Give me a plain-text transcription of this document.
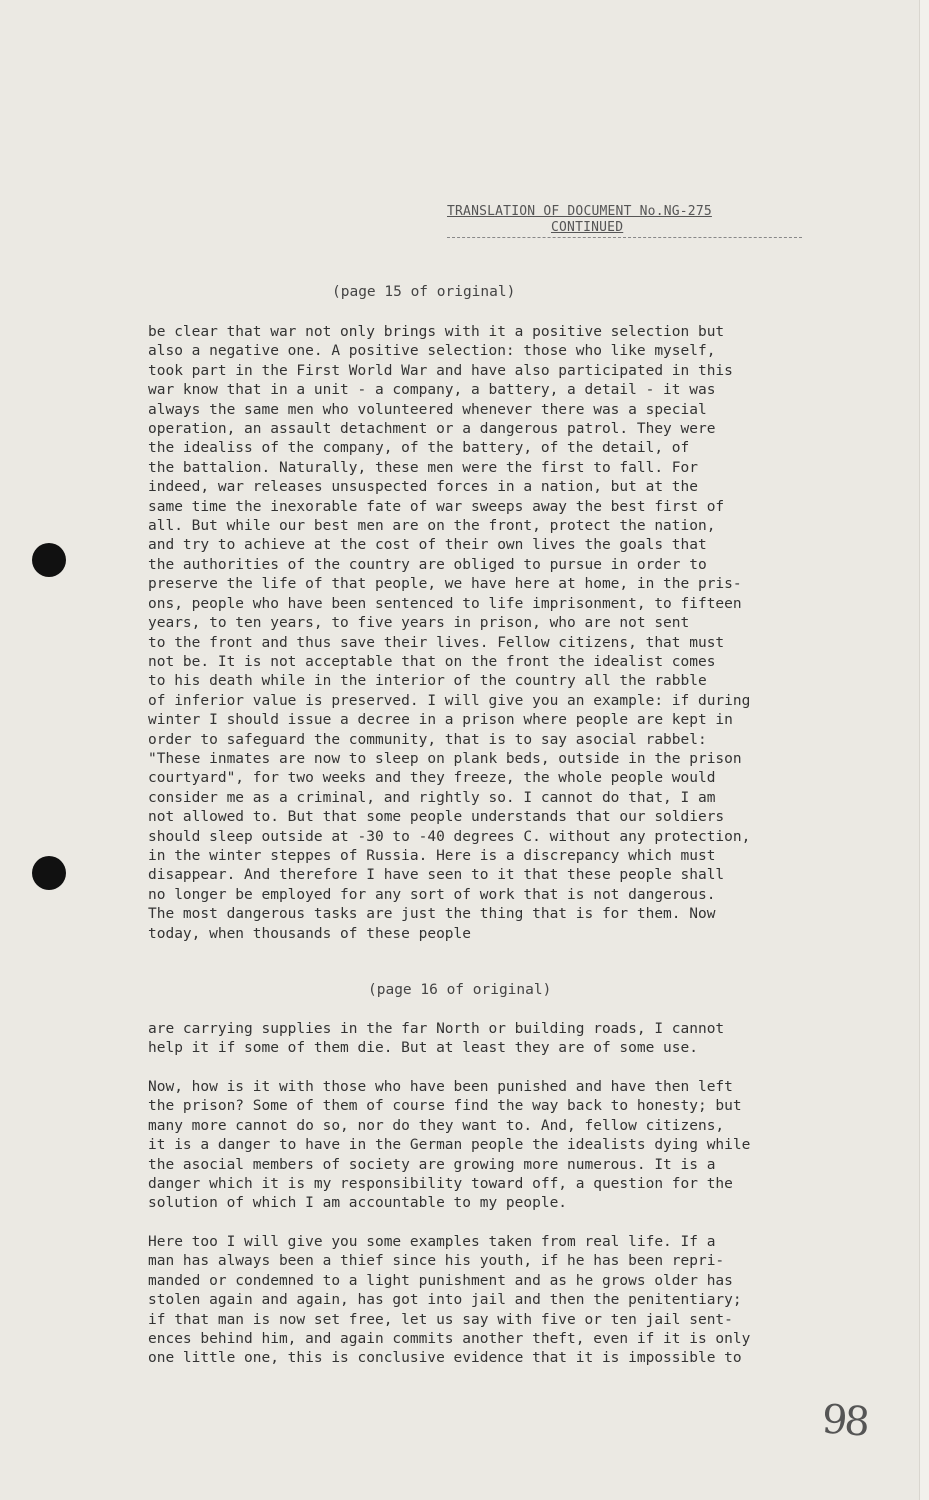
TRANSLATION OF DOCUMENT No.NG-275
CONTINUED
(page 15 of original)
be clear that war not only brings with it a positive selection but
also a negative one. A positive selection: those who like myself,
took part in the First World War and have also participated in this
war know that in a unit - a company, a battery, a detail - it was
always the same men who volunteered whenever there was a special
operation, an assault detachment or a dangerous patrol. They were
the idealiss of the company, of the battery, of the detail, of
the battalion. Naturally, these men were the first to fall. For
indeed, war releases unsuspected forces in a nation, but at the
same time the inexorable fate of war sweeps away the best first of
all. But while our best men are on the front, protect the nation,
and try to achieve at the cost of their own lives the goals that
the authorities of the country are obliged to pursue in order to
preserve the life of that people, we have here at home, in the pris-
ons, people who have been sentenced to life imprisonment, to fifteen
years, to ten years, to five years in prison, who are not sent
to the front and thus save their lives. Fellow citizens, that must
not be. It is not acceptable that on the front the idealist comes
to his death while in the interior of the country all the rabble
of inferior value is preserved. I will give you an example: if during
winter I should issue a decree in a prison where people are kept in
order to safeguard the community, that is to say asocial rabbel:
"These inmates are now to sleep on plank beds, outside in the prison
courtyard", for two weeks and they freeze, the whole people would
consider me as a criminal, and rightly so. I cannot do that, I am
not allowed to. But that some people understands that our soldiers
should sleep outside at -30 to -40 degrees C. without any protection,
in the winter steppes of Russia. Here is a discrepancy which must
disappear. And therefore I have seen to it that these people shall
no longer be employed for any sort of work that is not dangerous.
The most dangerous tasks are just the thing that is for them. Now
today, when thousands of these people
(page 16 of original)
are carrying supplies in the far North or building roads, I cannot
help it if some of them die. But at least they are of some use.
Now, how is it with those who have been punished and have then left
the prison? Some of them of course find the way back to honesty; but
many more cannot do so, nor do they want to. And, fellow citizens,
it is a danger to have in the German people the idealists dying while
the asocial members of society are growing more numerous. It is a
danger which it is my responsibility toward off, a question for the
solution of which I am accountable to my people.
Here too I will give you some examples taken from real life. If a
man has always been a thief since his youth, if he has been repri-
manded or condemned to a light punishment and as he grows older has
stolen again and again, has got into jail and then the penitentiary;
if that man is now set free, let us say with five or ten jail sent-
ences behind him, and again commits another theft, even if it is only
one little one, this is conclusive evidence that it is impossible to
98
